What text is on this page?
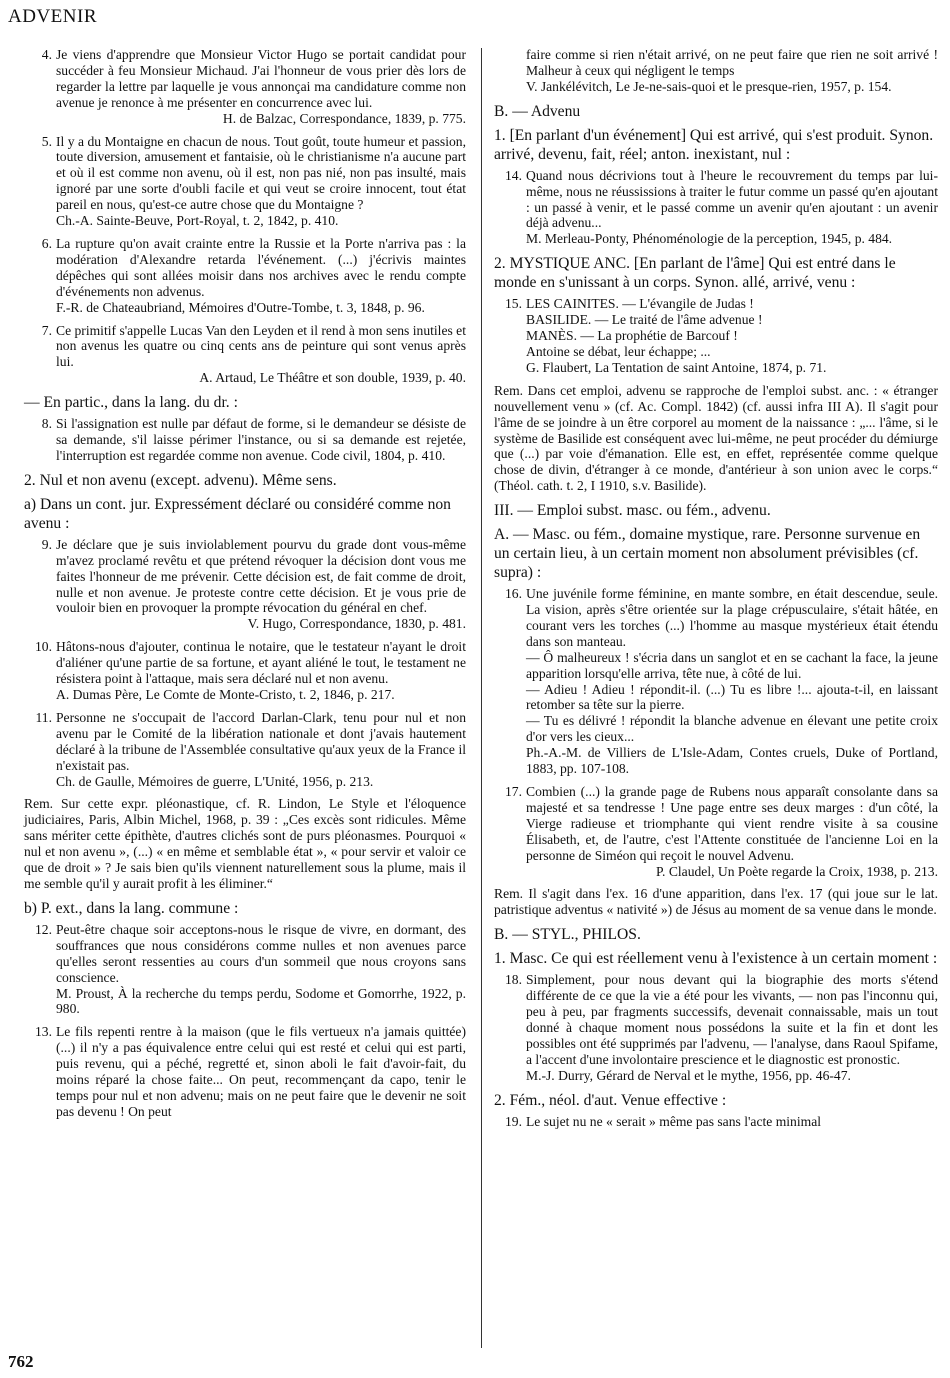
ADVENIR
4. Je viens d'apprendre que Monsieur Victor Hugo se portait candidat pour succéder à feu Monsieur Michaud. J'ai l'honneur de vous prier dès lors de regarder la lettre par laquelle je vous annonçai ma candidature comme non avenue je renonce à me présenter en concurrence avec lui.

H. de Balzac, Correspondance, 1839, p. 775.
5. Il y a du Montaigne en chacun de nous. Tout goût, toute humeur et passion, toute diversion, amusement et fantaisie, où le christianisme n'a aucune part et où il est comme non avenu, où il est, non pas nié, non pas insulté, mais ignoré par une sorte d'oubli facile et qui veut se croire innocent, tout état pareil en nous, qu'est-ce autre chose que du Montaigne ?

Ch.-A. Sainte-Beuve, Port-Royal, t. 2, 1842, p. 410.
6. La rupture qu'on avait crainte entre la Russie et la Porte n'arriva pas : la modération d'Alexandre retarda l'événement. (...) j'écrivis maintes dépêches qui sont allées moisir dans nos archives avec le rendu compte d'événements non advenus.

F.-R. de Chateaubriand, Mémoires d'Outre-Tombe, t. 3, 1848, p. 96.
7. Ce primitif s'appelle Lucas Van den Leyden et il rend à mon sens inutiles et non avenus les quatre ou cinq cents ans de peinture qui sont venus après lui.

A. Artaud, Le Théâtre et son double, 1939, p. 40.
— En partic., dans la lang. du dr. :
8. Si l'assignation est nulle par défaut de forme, si le demandeur se désiste de sa demande, s'il laisse périmer l'instance, ou si sa demande est rejetée, l'interruption est regardée comme non avenue. Code civil, 1804, p. 410.

2. Nul et non avenu (except. advenu). Même sens.
a) Dans un cont. jur. Expressément déclaré ou considéré comme non avenu :
9. Je déclare que je suis inviolablement pourvu du grade dont vous-même m'avez proclamé revêtu et que prétend révoquer la décision dont vous me faites l'honneur de me prévenir. Cette décision est, de fait comme de droit, nulle et non avenue. Je proteste contre cette décision. Et je vous prie de vouloir bien en provoquer la prompte révocation du général en chef.

V. Hugo, Correspondance, 1830, p. 481.
10. Hâtons-nous d'ajouter, continua le notaire, que le testateur n'ayant le droit d'aliéner qu'une partie de sa fortune, et ayant aliéné le tout, le testament ne résistera point à l'attaque, mais sera déclaré nul et non avenu.

A. Dumas Père, Le Comte de Monte-Cristo, t. 2, 1846, p. 217.
11. Personne ne s'occupait de l'accord Darlan-Clark, tenu pour nul et non avenu par le Comité de la libération nationale et dont j'avais hautement déclaré à la tribune de l'Assemblée consultative qu'aux yeux de la France il n'existait pas.

Ch. de Gaulle, Mémoires de guerre, L'Unité, 1956, p. 213.

Rem. Sur cette expr. pléonastique, cf. R. Lindon, Le Style et l'éloquence judiciaires, Paris, Albin Michel, 1968, p. 39 : „Ces excès sont ridicules. Même sans mériter cette épithète, d'autres clichés sont de purs pléonasmes. Pourquoi « nul et non avenu », (...) « en même et semblable état », « pour servir et valoir ce que de droit » ? Je sais bien qu'ils viennent naturellement sous la plume, mais il me semble qu'il y aurait profit à les éliminer.“

b) P. ext., dans la lang. commune :
12. Peut-être chaque soir acceptons-nous le risque de vivre, en dormant, des souffrances que nous considérons comme nulles et non avenues parce qu'elles seront ressenties au cours d'un sommeil que nous croyons sans conscience.

M. Proust, À la recherche du temps perdu, Sodome et Gomorrhe, 1922, p. 980.
13. Le fils repenti rentre à la maison (que le fils vertueux n'a jamais quittée) (...) il n'y a pas équivalence entre celui qui est resté et celui qui est parti, puis revenu, qui a péché, regretté et, sinon aboli le fait d'avoir-fait, du moins réparé la chose faite... On peut, recommençant da capo, tenir le temps pour nul et non advenu; mais on ne peut faire que le devenir ne soit pas devenu ! On peut

faire comme si rien n'était arrivé, on ne peut faire que rien ne soit arrivé ! Malheur à ceux qui négligent le temps

V. Jankélévitch, Le Je-ne-sais-quoi et le presque-rien, 1957, p. 154.
B. — Advenu
1. [En parlant d'un événement] Qui est arrivé, qui s'est produit. Synon. arrivé, devenu, fait, réel; anton. inexistant, nul :
14. Quand nous décrivions tout à l'heure le recouvrement du temps par lui-même, nous ne réussissions à traiter le futur comme un passé qu'en ajoutant : un passé à venir, et le passé comme un avenir qu'en ajoutant : un avenir déjà advenu...

M. Merleau-Ponty, Phénoménologie de la perception, 1945, p. 484.
2. MYSTIQUE ANC. [En parlant de l'âme] Qui est entré dans le monde en s'unissant à un corps. Synon. allé, arrivé, venu :
15. LES CAINITES. — L'évangile de Judas !
BASILIDE. — Le traité de l'âme advenue !
MANÈS. — La prophétie de Barcouf !
Antoine se débat, leur échappe; ...
G. Flaubert, La Tentation de saint Antoine, 1874, p. 71.

Rem. Dans cet emploi, advenu se rapproche de l'emploi subst. anc. : « étranger nouvellement venu » (cf. Ac. Compl. 1842) (cf. aussi infra III A). Il s'agit pour l'âme de se joindre à un être corporel au moment de la naissance : „... l'âme, si le système de Basilide est conséquent avec lui-même, ne peut procéder du démiurge que (...) par voie d'émanation. Elle est, en effet, représentée comme quelque chose de divin, d'étranger à ce monde, d'antérieur à son union avec le corps.“ (Théol. cath. t. 2, I 1910, s.v. Basilide).

III. — Emploi subst. masc. ou fém., advenu.
A. — Masc. ou fém., domaine mystique, rare. Personne survenue en un certain lieu, à un certain moment non absolument prévisibles (cf. supra) :
16. Une juvénile forme féminine, en mante sombre, en était descendue, seule. La vision, après s'être orientée sur la plage crépusculaire, s'était hâtée, en courant vers les torches (...) l'homme au masque mystérieux était étendu dans son manteau.

— Ô malheureux ! s'écria dans un sanglot et en se cachant la face, la jeune apparition lorsqu'elle arriva, tête nue, à côté de lui.
— Adieu ! Adieu ! répondit-il. (...) Tu es libre !... ajouta-t-il, en laissant retomber sa tête sur la pierre.
— Tu es délivré ! répondit la blanche advenue en élevant une petite croix d'or vers les cieux...
Ph.-A.-M. de Villiers de L'Isle-Adam, Contes cruels, Duke of Portland, 1883, pp. 107-108.
17. Combien (...) la grande page de Rubens nous apparaît consolante dans sa majesté et sa tendresse ! Une page entre ses deux marges : d'un côté, la Vierge radieuse et triomphante qui vient rendre visite à sa cousine Élisabeth, et, de l'autre, c'est l'Attente constituée de l'ancienne Loi en la personne de Siméon qui reçoit le nouvel Advenu.

P. Claudel, Un Poète regarde la Croix, 1938, p. 213.

Rem. Il s'agit dans l'ex. 16 d'une apparition, dans l'ex. 17 (qui joue sur le lat. patristique adventus « nativité ») de Jésus au moment de sa venue dans le monde.

B. — STYL., PHILOS.
1. Masc. Ce qui est réellement venu à l'existence à un certain moment :
18. Simplement, pour nous devant qui la biographie des morts s'étend différente de ce que la vie a été pour les vivants, — non pas l'inconnu qui, peu à peu, par fragments successifs, devenait connaissable, mais un tout donné à chaque moment nous possédons la suite et la fin et dont les possibles ont été supprimés par l'advenu, — l'analyse, dans Raoul Spifame, a l'accent d'une involontaire prescience et le diagnostic est pronostic.

M.-J. Durry, Gérard de Nerval et le mythe, 1956, pp. 46-47.
2. Fém., néol. d'aut. Venue effective :
19. Le sujet nu ne « serait » même pas sans l'acte minimal

762
